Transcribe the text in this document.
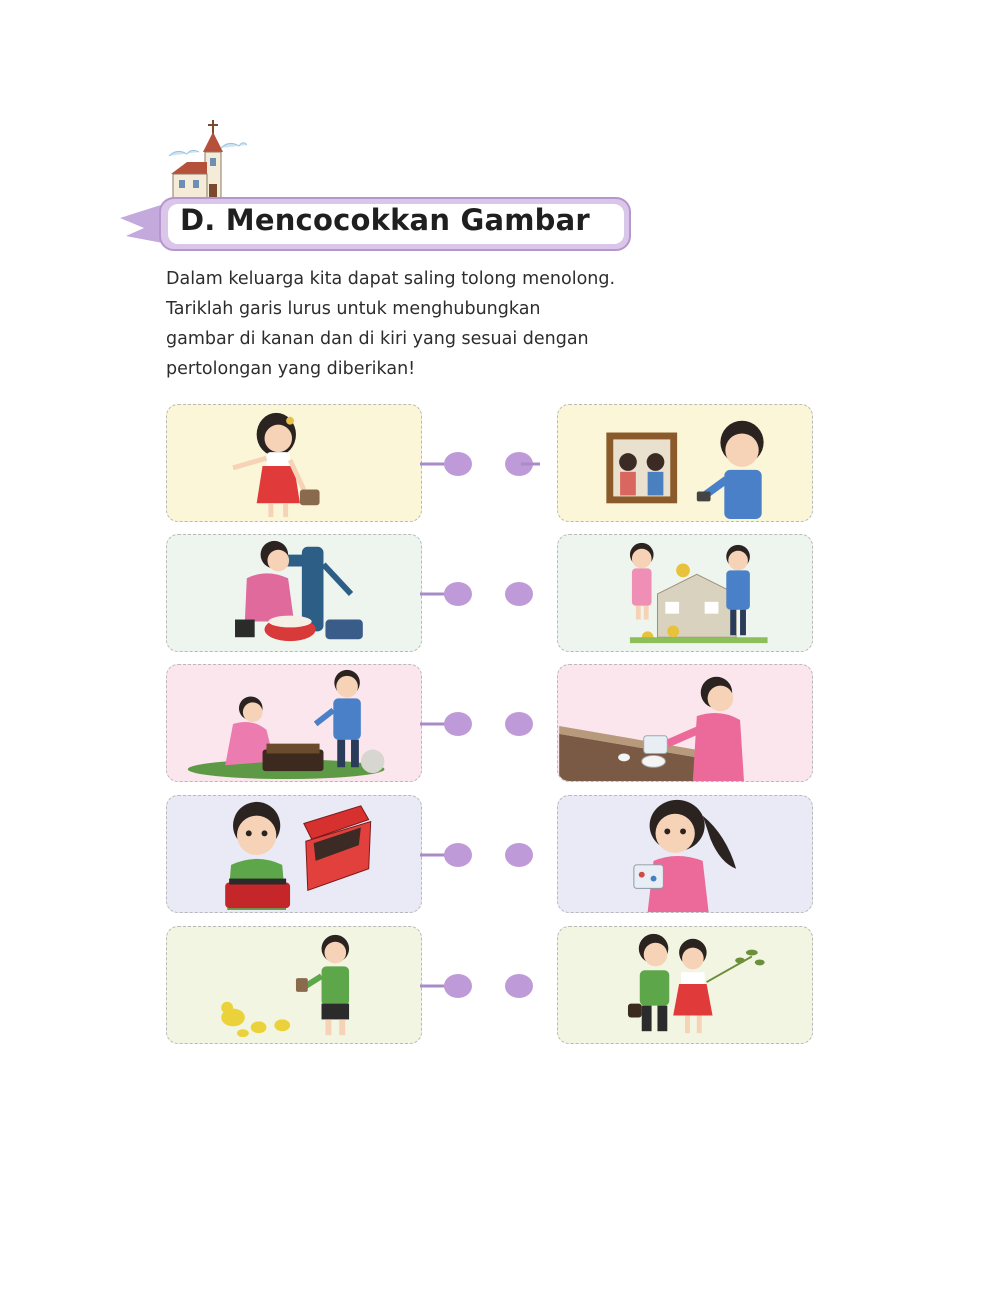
D. Mencocokkan Gambar
Dalam keluarga kita dapat saling tolong menolong.
Tariklah garis lurus untuk menghubungkan
gambar di kanan dan di kiri yang sesuai dengan
pertolongan yang diberikan!
